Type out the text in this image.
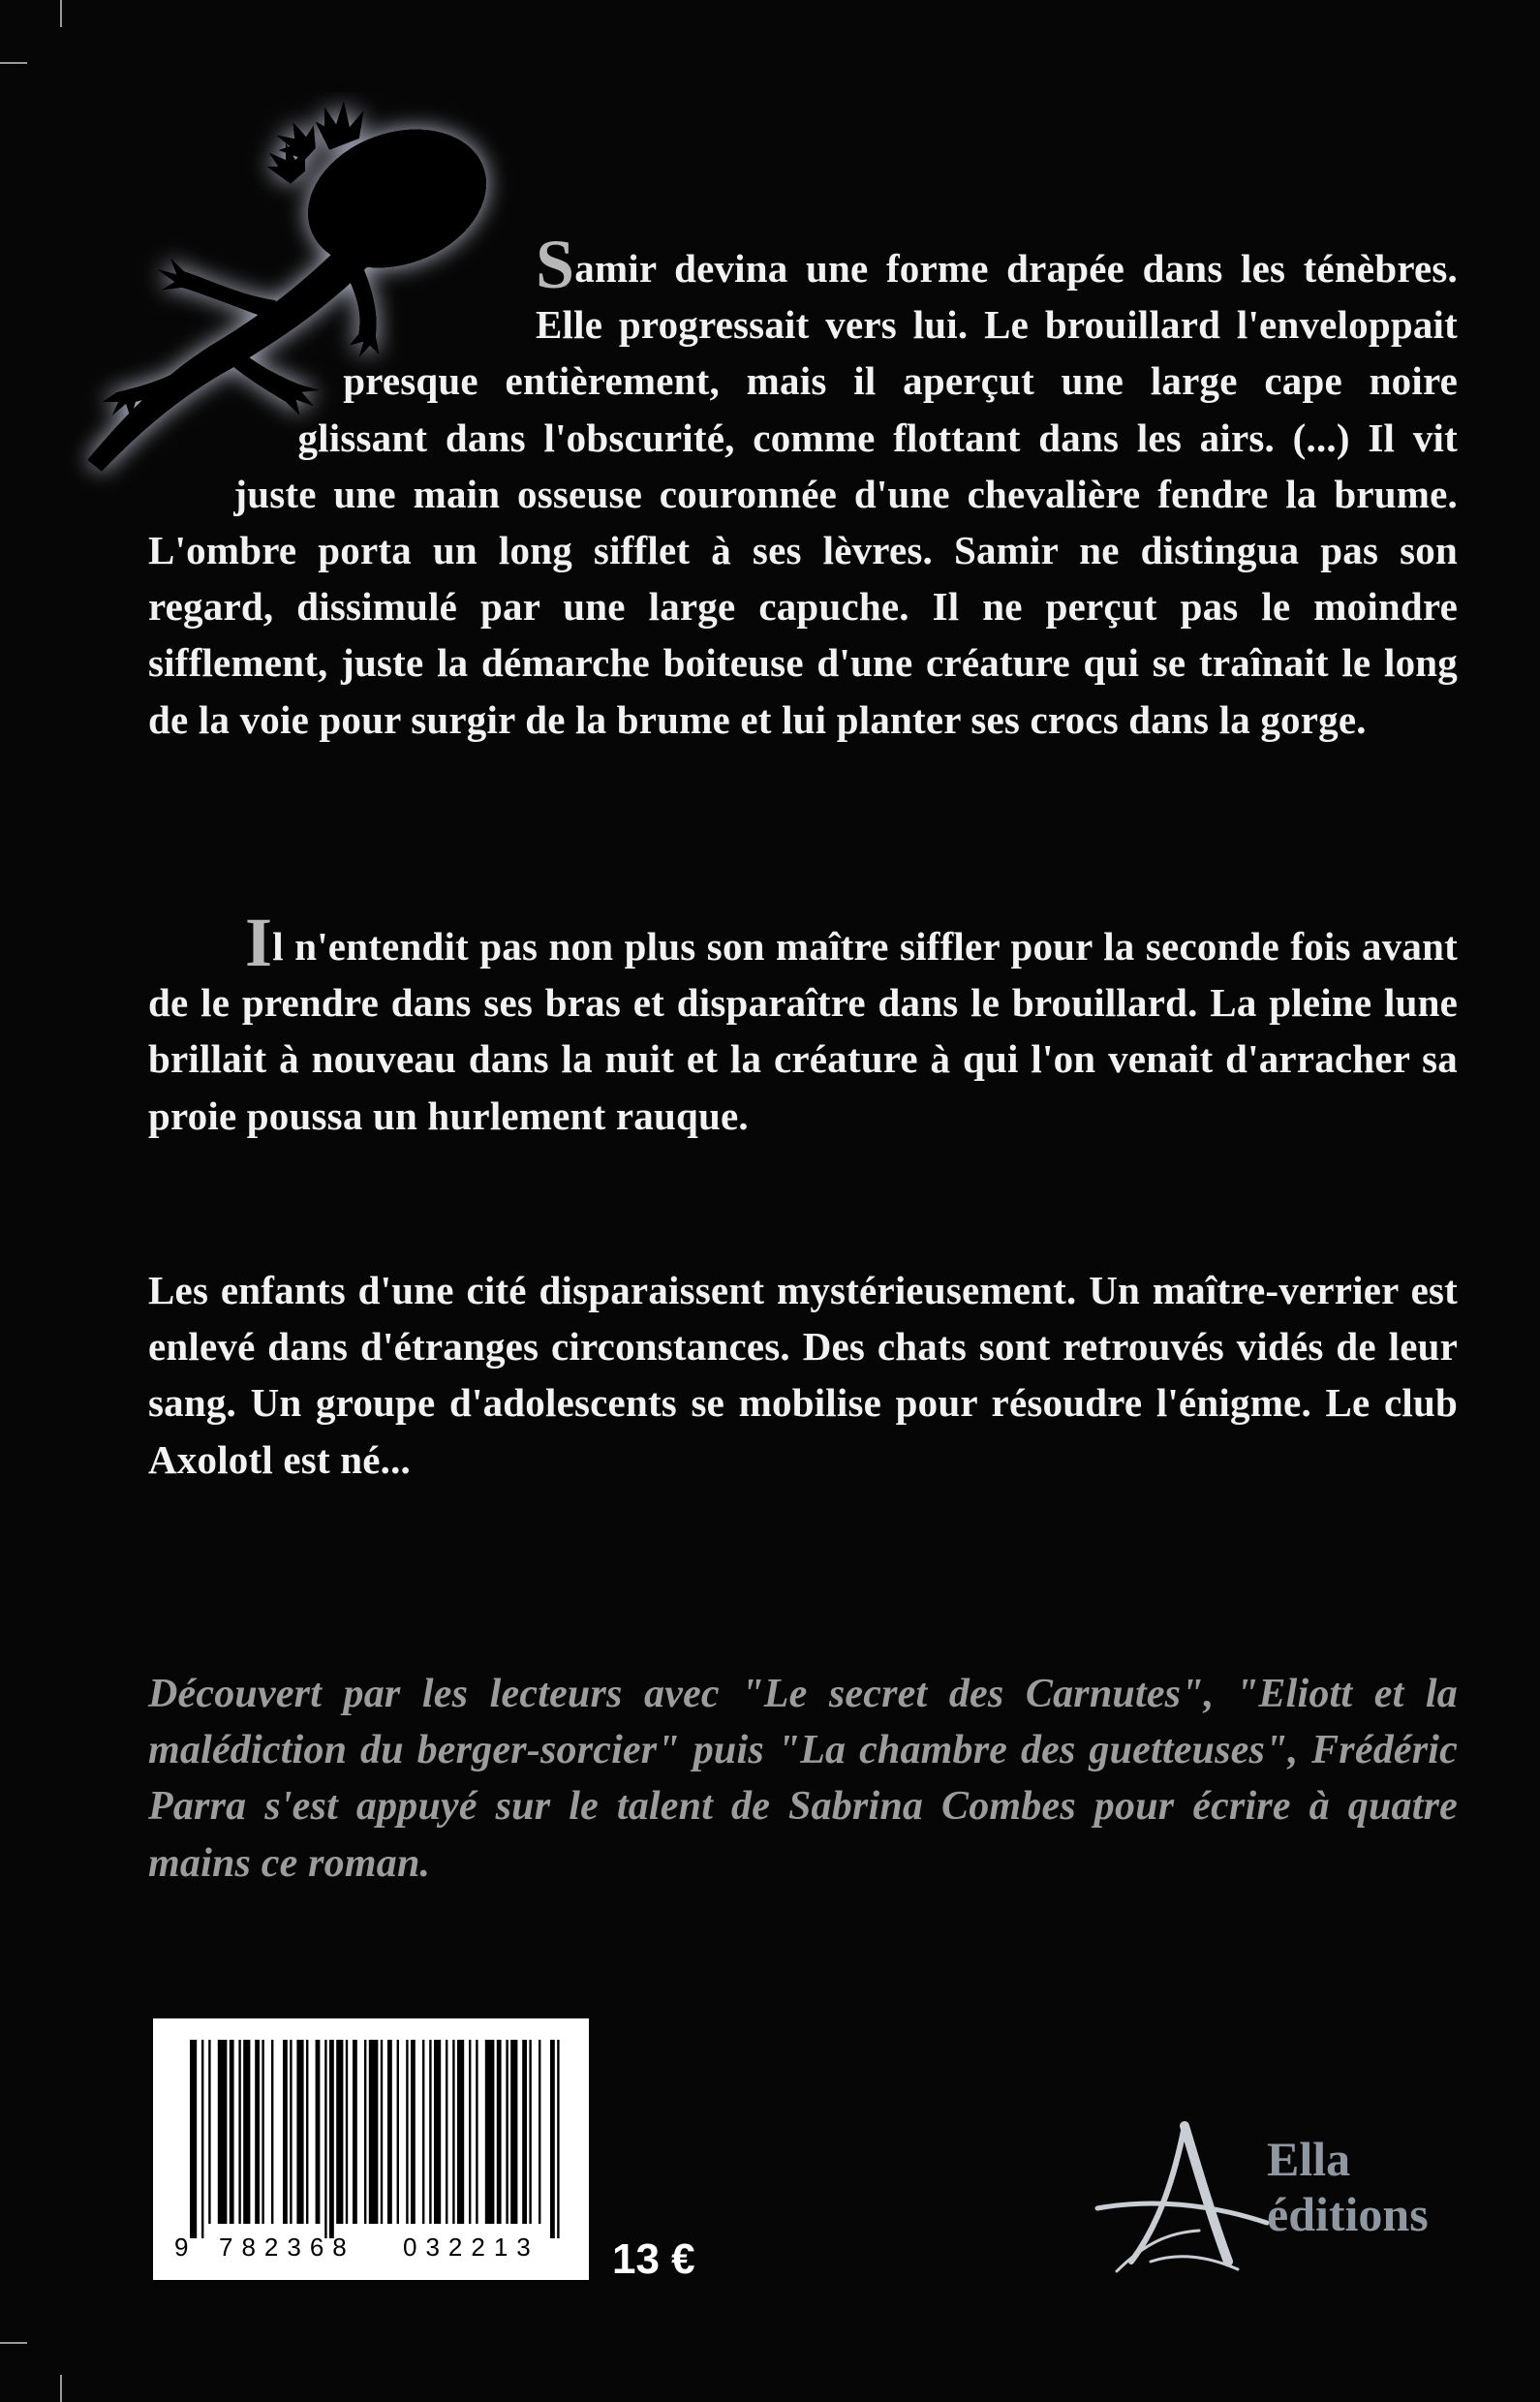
Samir devina une forme drapée dans les ténèbres. Elle progressait vers lui. Le brouillard l'enveloppait presque entièrement, mais il aperçut une large cape noire glissant dans l'obscurité, comme flottant dans les airs. (...) Il vit juste une main osseuse couronnée d'une chevalière fendre la brume. L'ombre porta un long sifflet à ses lèvres. Samir ne distingua pas son regard, dissimulé par une large capuche. Il ne perçut pas le moindre sifflement, juste la démarche boiteuse d'une créature qui se traînait le long de la voie pour surgir de la brume et lui planter ses crocs dans la gorge.

Il n'entendit pas non plus son maître siffler pour la seconde fois avant de le prendre dans ses bras et disparaître dans le brouillard. La pleine lune brillait à nouveau dans la nuit et la créature à qui l'on venait d'arracher sa proie poussa un hurlement rauque.

Les enfants d'une cité disparaissent mystérieusement. Un maître-verrier est enlevé dans d'étranges circonstances. Des chats sont retrouvés vidés de leur sang. Un groupe d'adolescents se mobilise pour résoudre l'énigme. Le club Axolotl est né...

Découvert par les lecteurs avec "Le secret des Carnutes", "Eliott et la malédiction du berger-sorcier" puis "La chambre des guetteuses", Frédéric Parra s'est appuyé sur le talent de Sabrina Combes pour écrire à quatre mains ce roman.

9 782368 032213 13 €
Ella
éditions
